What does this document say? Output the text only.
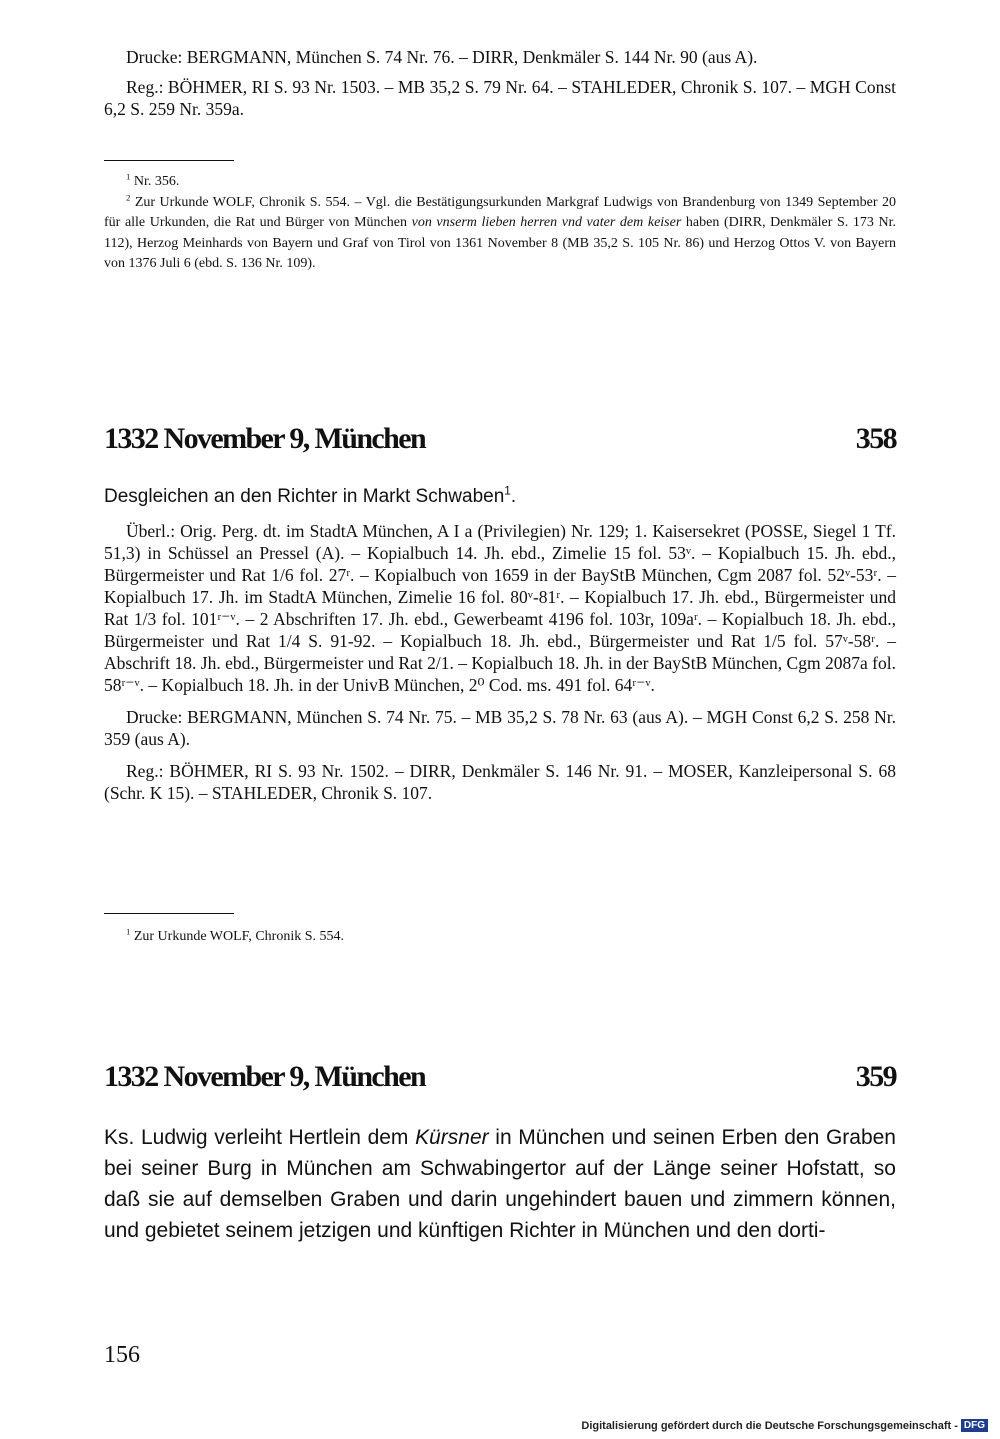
Drucke: BERGMANN, München S. 74 Nr. 76. – DIRR, Denkmäler S. 144 Nr. 90 (aus A).

Reg.: BÖHMER, RI S. 93 Nr. 1503. – MB 35,2 S. 79 Nr. 64. – STAHLEDER, Chronik S. 107. – MGH Const 6,2 S. 259 Nr. 359a.

$^1$ Nr. 356.

$^2$ Zur Urkunde WOLF, Chronik S. 554. – Vgl. die Bestätigungsurkunden Markgraf Ludwigs von Brandenburg von 1349 September 20 für alle Urkunden, die Rat und Bürger von München von vnserm lieben herren vnd vater dem keiser haben (DIRR, Denkmäler S. 173 Nr. 112), Herzog Meinhards von Bayern und Graf von Tirol von 1361 November 8 (MB 35,2 S. 105 Nr. 86) und Herzog Ottos V. von Bayern von 1376 Juli 6 (ebd. S. 136 Nr. 109).

1332 November 9, München	358

Desgleichen an den Richter in Markt Schwaben$^1$.

Überl.: Orig. Perg. dt. im StadtA München, A I a (Privilegien) Nr. 129; 1. Kaisersekret (POSSE, Siegel 1 Tf. 51,3) in Schüssel an Pressel (A). – Kopialbuch 14. Jh. ebd., Zimelie 15 fol. 53ᵛ. – Kopialbuch 15. Jh. ebd., Bürgermeister und Rat 1/6 fol. 27ʳ. – Kopialbuch von 1659 in der BayStB München, Cgm 2087 fol. 52ᵛ-53ʳ. – Kopialbuch 17. Jh. im StadtA München, Zimelie 16 fol. 80ᵛ-81ʳ. – Kopialbuch 17. Jh. ebd., Bürgermeister und Rat 1/3 fol. 101ʳ⁻ᵛ. – 2 Abschriften 17. Jh. ebd., Gewerbeamt 4196 fol. 103r, 109aʳ. – Kopialbuch 18. Jh. ebd., Bürgermeister und Rat 1/4 S. 91-92. – Kopialbuch 18. Jh. ebd., Bürgermeister und Rat 1/5 fol. 57ᵛ-58ʳ. – Abschrift 18. Jh. ebd., Bürgermeister und Rat 2/1. – Kopialbuch 18. Jh. in der BayStB München, Cgm 2087a fol. 58ʳ⁻ᵛ. – Kopialbuch 18. Jh. in der UnivB München, 2⁰ Cod. ms. 491 fol. 64ʳ⁻ᵛ.

Drucke: BERGMANN, München S. 74 Nr. 75. – MB 35,2 S. 78 Nr. 63 (aus A). – MGH Const 6,2 S. 258 Nr. 359 (aus A).

Reg.: BÖHMER, RI S. 93 Nr. 1502. – DIRR, Denkmäler S. 146 Nr. 91. – MOSER, Kanzleipersonal S. 68 (Schr. K 15). – STAHLEDER, Chronik S. 107.

$^1$ Zur Urkunde WOLF, Chronik S. 554.

1332 November 9, München	359

Ks. Ludwig verleiht Hertlein dem Kürsner in München und seinen Erben den Graben bei seiner Burg in München am Schwabingertor auf der Länge seiner Hofstatt, so daß sie auf demselben Graben und darin ungehindert bauen und zimmern können, und gebietet seinem jetzigen und künftigen Richter in München und den dorti-

156
Digitalisierung gefördert durch die Deutsche Forschungsgemeinschaft - DFG
